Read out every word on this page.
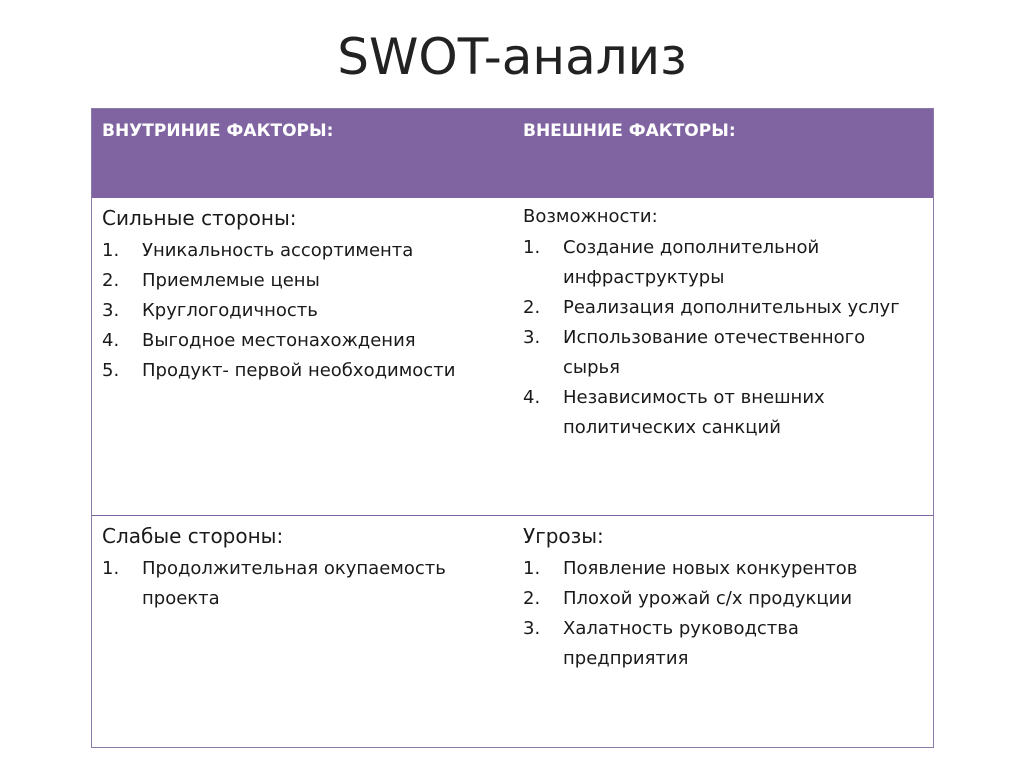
SWOT-анализ
ВНУТРИНИЕ ФАКТОРЫ:	ВНЕШНИЕ ФАКТОРЫ:
Сильные стороны:
1. Уникальность ассортимента
2. Приемлемые цены
3. Круглогодичность
4. Выгодное местонахождения
5. Продукт- первой необходимости
Возможности:
1. Создание дополнительной инфраструктуры
2. Реализация дополнительных услуг
3. Использование отечественного сырья
4. Независимость от внешних политических санкций
Слабые стороны:
1. Продолжительная окупаемость проекта
Угрозы:
1. Появление новых конкурентов
2. Плохой урожай с/х продукции
3. Халатность руководства предприятия
